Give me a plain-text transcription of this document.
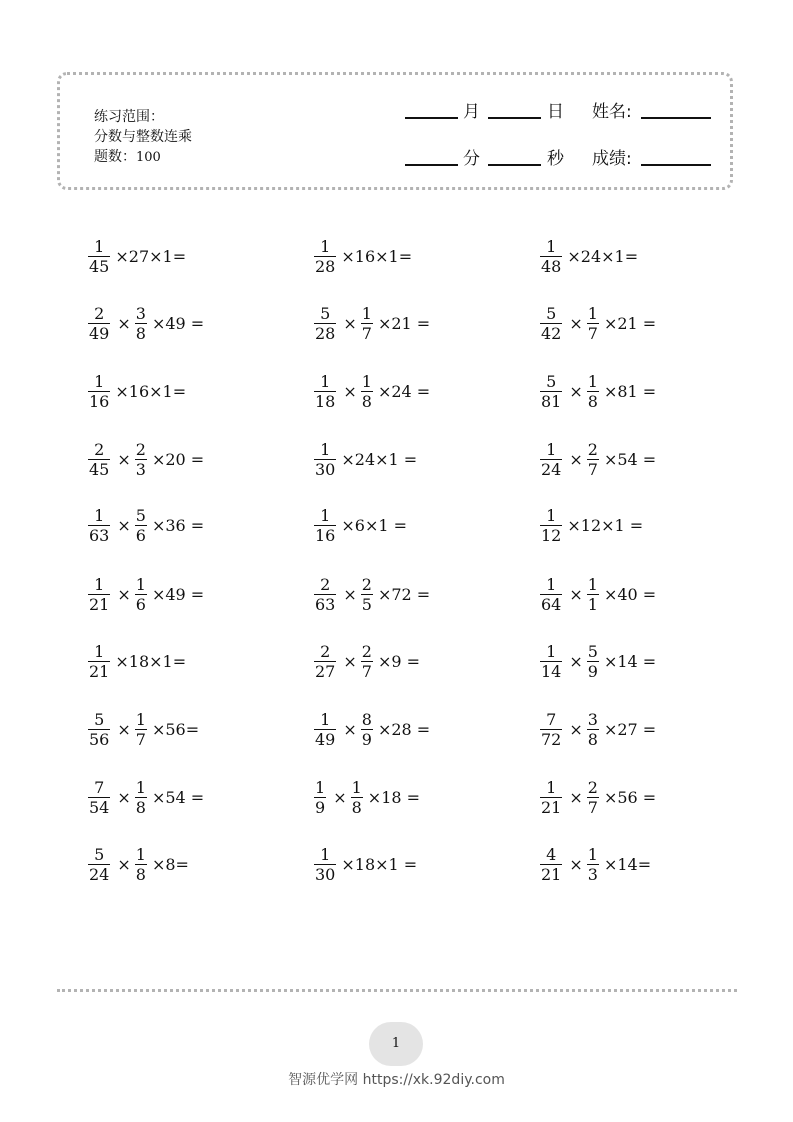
练习范围：
分数与整数连乘
题数：100
月	日 姓名:
分	秒 成绩:
$\frac{1}{45} \times 27\times 1=$	$\frac{1}{28} \times 16\times 1=$	$\frac{1}{48} \times 24\times 1=$
$\frac{2}{49} \times \frac{3}{8} \times 49$ =	$\frac{5}{28} \times \frac{1}{7} \times 21$ =	$\frac{5}{42} \times \frac{1}{7} \times 21$ =
$\frac{1}{16} \times 16\times 1=$	$\frac{1}{18} \times \frac{1}{8} \times 24$ =	$\frac{5}{81} \times \frac{1}{8} \times 81$ =
$\frac{2}{45} \times \frac{2}{3} \times 20$ =	$\frac{1}{30} \times 24\times 1$ =	$\frac{1}{24} \times \frac{2}{7} \times 54$ =
$\frac{1}{63} \times \frac{5}{6} \times 36$ =	$\frac{1}{16} \times 6\times 1$ =	$\frac{1}{12} \times 12\times 1$ =
$\frac{1}{21} \times \frac{1}{6} \times 49$ =	$\frac{2}{63} \times \frac{2}{5} \times 72$ =	$\frac{1}{64} \times \frac{1}{1} \times 40$ =
$\frac{1}{21} \times 18\times 1=$	$\frac{2}{27} \times \frac{2}{7} \times 9$ =	$\frac{1}{14} \times \frac{5}{9} \times 14$ =
$\frac{5}{56} \times \frac{1}{7} \times 56=$	$\frac{1}{49} \times \frac{8}{9} \times 28$ =	$\frac{7}{72} \times \frac{3}{8} \times 27$ =
$\frac{7}{54} \times \frac{1}{8} \times 54$ =	$\frac{1}{9} \times \frac{1}{8} \times 18$ =	$\frac{1}{21} \times \frac{2}{7} \times 56$ =
$\frac{5}{24} \times \frac{1}{8} \times 8=$	$\frac{1}{30} \times 18\times 1$ =	$\frac{4}{21} \times \frac{1}{3} \times 14=$
1
智源优学网 https://xk.92diy.com
